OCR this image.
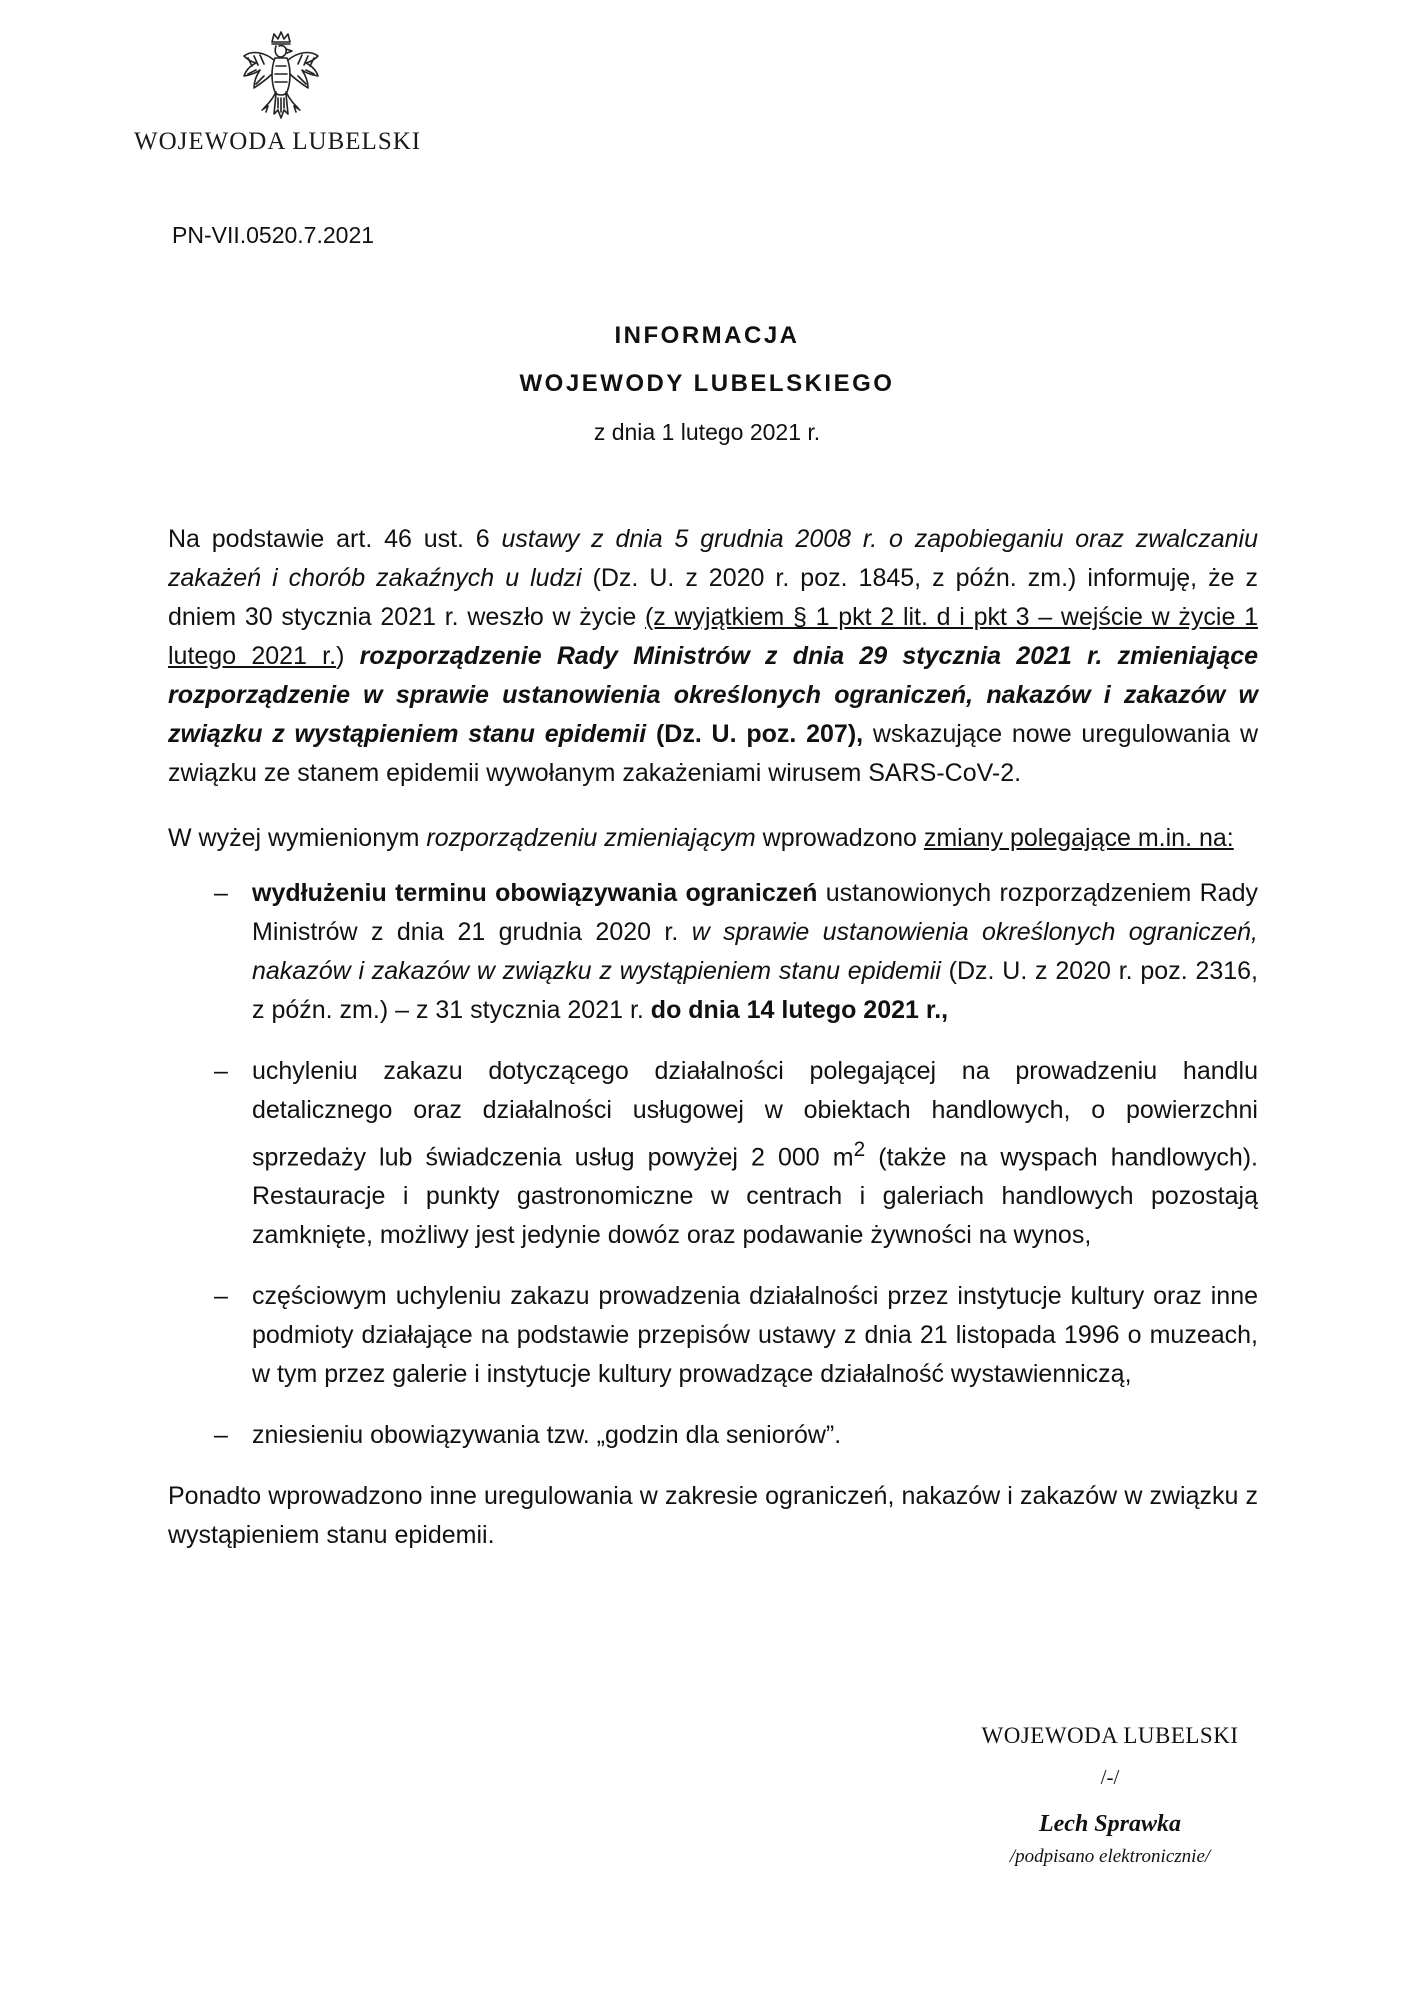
WOJEWODA LUBELSKI
PN-VII.0520.7.2021
INFORMACJA
WOJEWODY LUBELSKIEGO
z dnia 1 lutego 2021 r.

Na podstawie art. 46 ust. 6 ustawy z dnia 5 grudnia 2008 r. o zapobieganiu oraz zwalczaniu zakażeń i chorób zakaźnych u ludzi (Dz. U. z 2020 r. poz. 1845, z późn. zm.) informuję, że z dniem 30 stycznia 2021 r. weszło w życie (z wyjątkiem § 1 pkt 2 lit. d i pkt 3 – wejście w życie 1 lutego 2021 r.) rozporządzenie Rady Ministrów z dnia 29 stycznia 2021 r. zmieniające rozporządzenie w sprawie ustanowienia określonych ograniczeń, nakazów i zakazów w związku z wystąpieniem stanu epidemii (Dz. U. poz. 207), wskazujące nowe uregulowania w związku ze stanem epidemii wywołanym zakażeniami wirusem SARS-CoV-2.

W wyżej wymienionym rozporządzeniu zmieniającym wprowadzono zmiany polegające m.in. na:

– wydłużeniu terminu obowiązywania ograniczeń ustanowionych rozporządzeniem Rady Ministrów z dnia 21 grudnia 2020 r. w sprawie ustanowienia określonych ograniczeń, nakazów i zakazów w związku z wystąpieniem stanu epidemii (Dz. U. z 2020 r. poz. 2316, z późn. zm.) – z 31 stycznia 2021 r. do dnia 14 lutego 2021 r.,
– uchyleniu zakazu dotyczącego działalności polegającej na prowadzeniu handlu detalicznego oraz działalności usługowej w obiektach handlowych, o powierzchni sprzedaży lub świadczenia usług powyżej 2 000 $m^2$ (także na wyspach handlowych). Restauracje i punkty gastronomiczne w centrach i galeriach handlowych pozostają zamknięte, możliwy jest jedynie dowóz oraz podawanie żywności na wynos,
– częściowym uchyleniu zakazu prowadzenia działalności przez instytucje kultury oraz inne podmioty działające na podstawie przepisów ustawy z dnia 21 listopada 1996 o muzeach, w tym przez galerie i instytucje kultury prowadzące działalność wystawienniczą,
– zniesieniu obowiązywania tzw. „godzin dla seniorów”.

Ponadto wprowadzono inne uregulowania w zakresie ograniczeń, nakazów i zakazów w związku z wystąpieniem stanu epidemii.

WOJEWODA LUBELSKI
/-/
Lech Sprawka
/podpisano elektronicznie/
